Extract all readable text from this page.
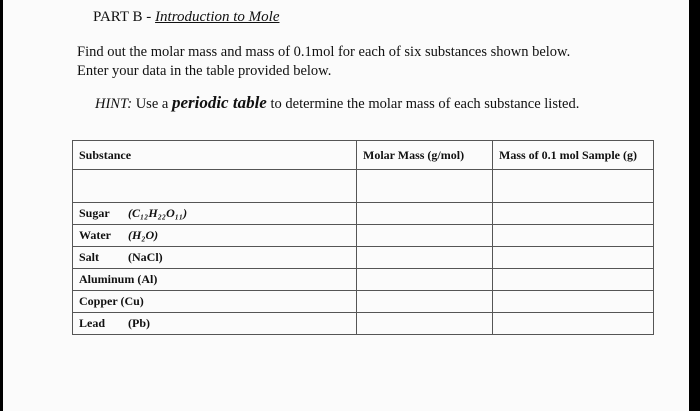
PART B - Introduction to Mole
Find out the molar mass and mass of 0.1mol for each of six substances shown below.
Enter your data in the table provided below.
HINT: Use a periodic table to determine the molar mass of each substance listed.
Substance	Molar Mass (g/mol)	Mass of 0.1 mol Sample (g)

Sugar (C₁₂H₂₂O₁₁)		
Water (H₂O)		
Salt (NaCl)		
Aluminum (Al)		
Copper (Cu)		
Lead (Pb)		
